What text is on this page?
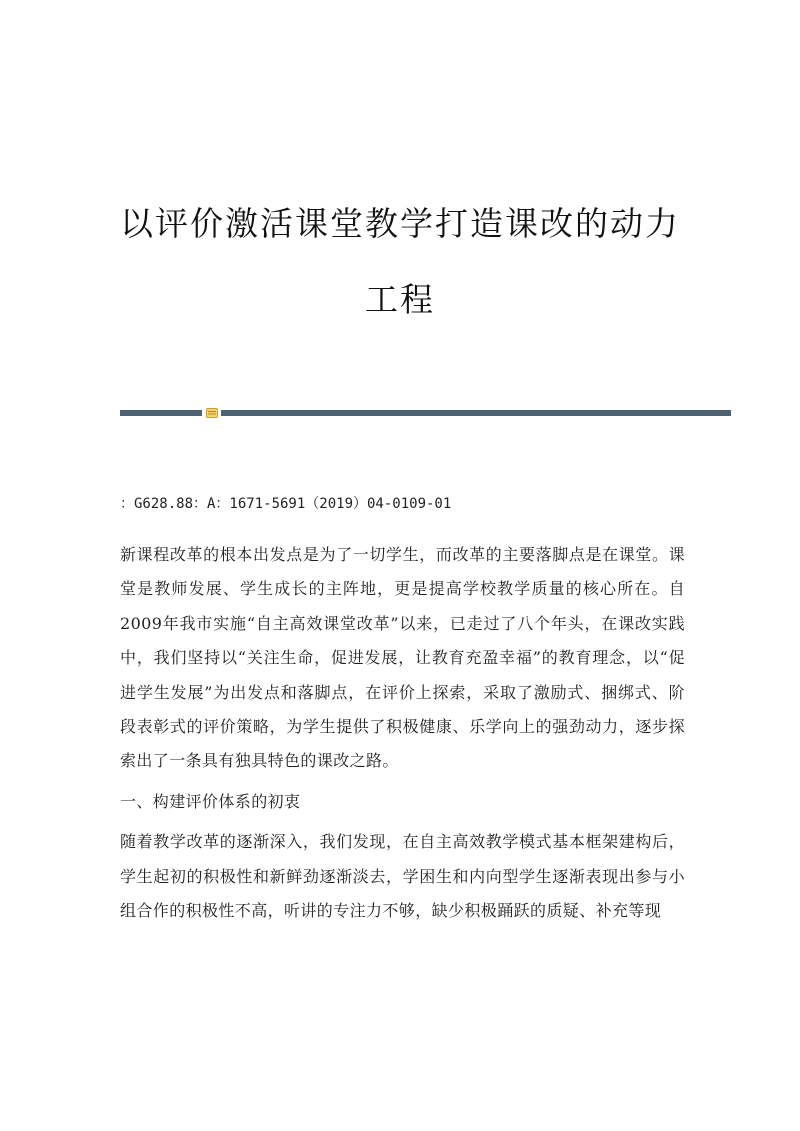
以评价激活课堂教学打造课改的动力工程

：G628.88：A：1671-5691（2019）04-0109-01

新课程改革的根本出发点是为了一切学生，而改革的主要落脚点是在课堂。课堂是教师发展、学生成长的主阵地，更是提高学校教学质量的核心所在。自2009年我市实施“自主高效课堂改革”以来，已走过了八个年头，在课改实践中，我们坚持以“关注生命，促进发展，让教育充盈幸福”的教育理念，以“促进学生发展”为出发点和落脚点，在评价上探索，采取了激励式、捆绑式、阶段表彰式的评价策略，为学生提供了积极健康、乐学向上的强劲动力，逐步探索出了一条具有独具特色的课改之路。

一、构建评价体系的初衷

随着教学改革的逐渐深入，我们发现，在自主高效教学模式基本框架建构后，学生起初的积极性和新鲜劲逐渐淡去，学困生和内向型学生逐渐表现出参与小组合作的积极性不高，听讲的专注力不够，缺少积极踊跃的质疑、补充等现
